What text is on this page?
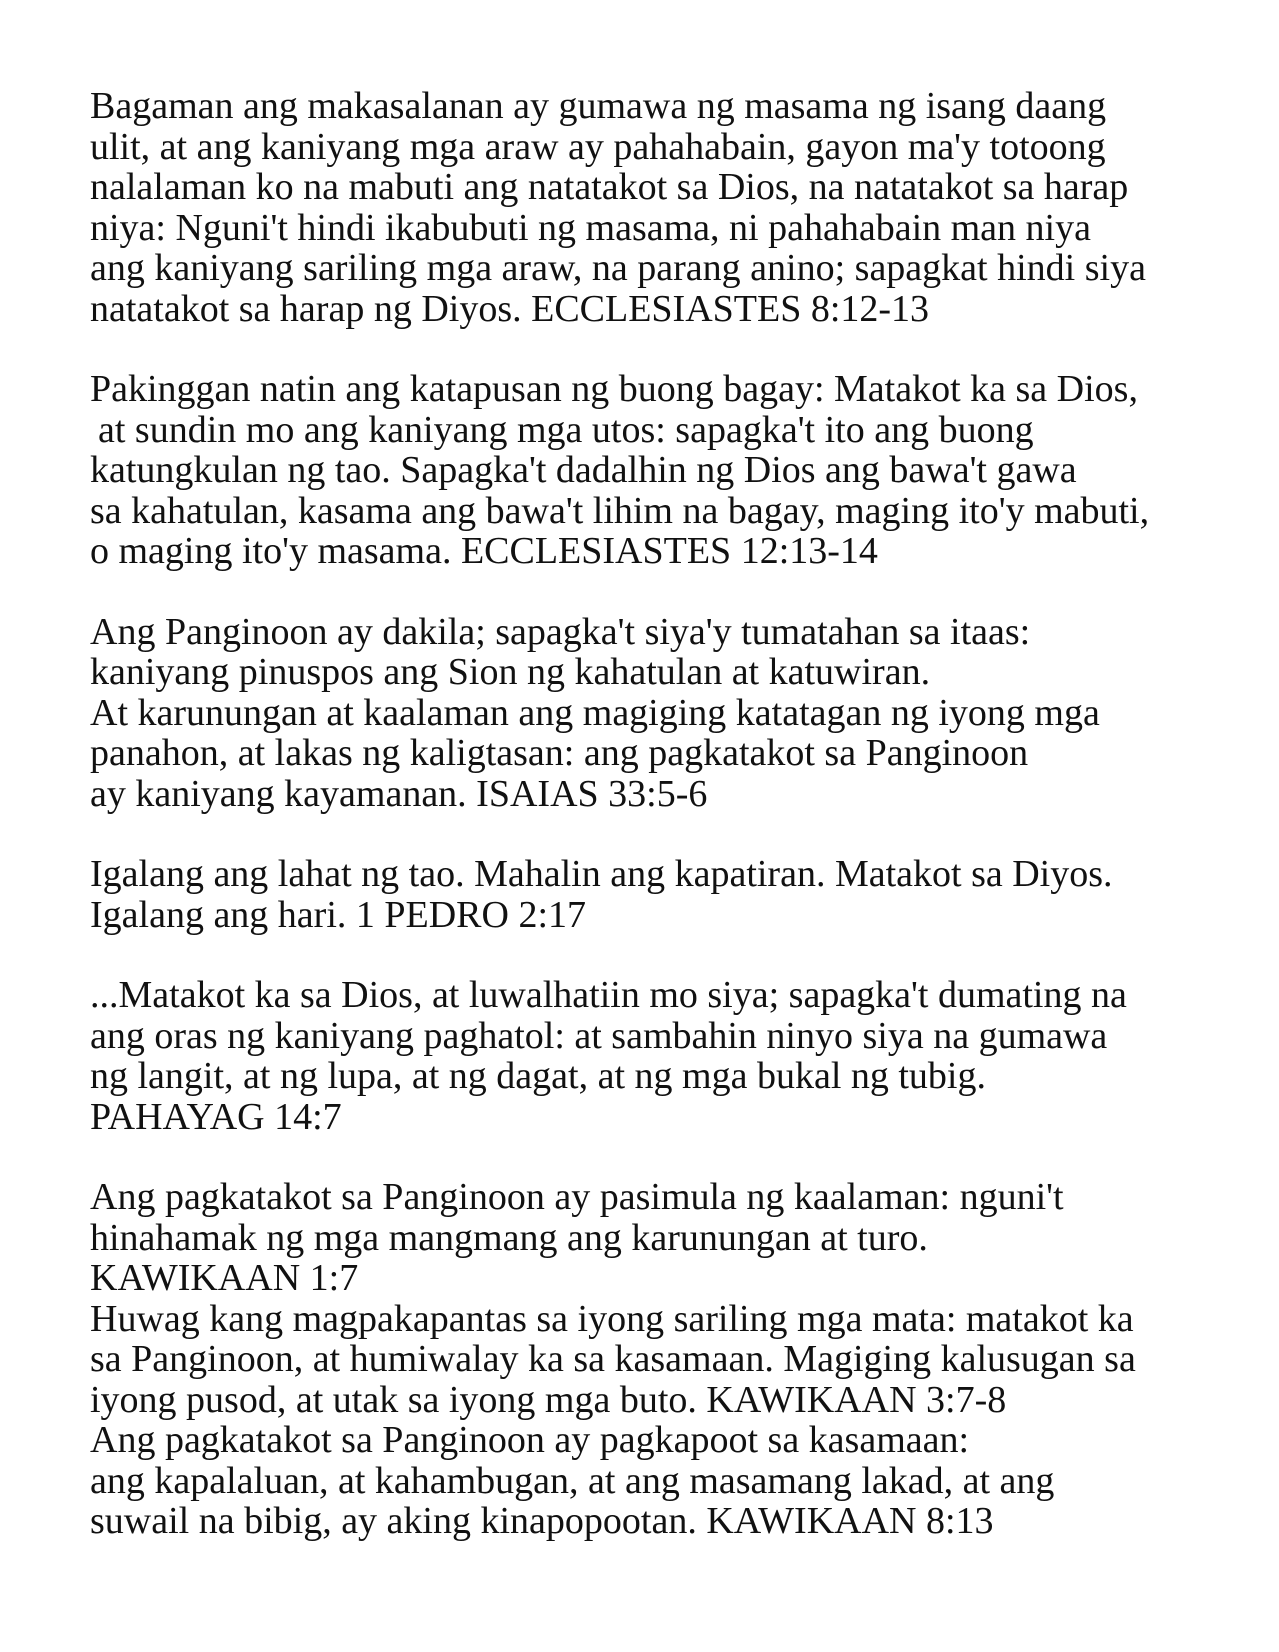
Bagaman ang makasalanan ay gumawa ng masama ng isang daang
ulit, at ang kaniyang mga araw ay pahahabain, gayon ma'y totoong
nalalaman ko na mabuti ang natatakot sa Dios, na natatakot sa harap
niya: Nguni't hindi ikabubuti ng masama, ni pahahabain man niya
ang kaniyang sariling mga araw, na parang anino; sapagkat hindi siya
natatakot sa harap ng Diyos. ECCLESIASTES 8:12-13
Pakinggan natin ang katapusan ng buong bagay: Matakot ka sa Dios,
at sundin mo ang kaniyang mga utos: sapagka't ito ang buong
katungkulan ng tao. Sapagka't dadalhin ng Dios ang bawa't gawa
sa kahatulan, kasama ang bawa't lihim na bagay, maging ito'y mabuti,
o maging ito'y masama. ECCLESIASTES 12:13-14
Ang Panginoon ay dakila; sapagka't siya'y tumatahan sa itaas:
kaniyang pinuspos ang Sion ng kahatulan at katuwiran.
At karunungan at kaalaman ang magiging katatagan ng iyong mga
panahon, at lakas ng kaligtasan: ang pagkatakot sa Panginoon
ay kaniyang kayamanan. ISAIAS 33:5-6
Igalang ang lahat ng tao. Mahalin ang kapatiran. Matakot sa Diyos.
Igalang ang hari. 1 PEDRO 2:17
...Matakot ka sa Dios, at luwalhatiin mo siya; sapagka't dumating na
ang oras ng kaniyang paghatol: at sambahin ninyo siya na gumawa
ng langit, at ng lupa, at ng dagat, at ng mga bukal ng tubig.
PAHAYAG 14:7
Ang pagkatakot sa Panginoon ay pasimula ng kaalaman: nguni't
hinahamak ng mga mangmang ang karunungan at turo.
KAWIKAAN 1:7
Huwag kang magpakapantas sa iyong sariling mga mata: matakot ka
sa Panginoon, at humiwalay ka sa kasamaan. Magiging kalusugan sa
iyong pusod, at utak sa iyong mga buto. KAWIKAAN 3:7-8
Ang pagkatakot sa Panginoon ay pagkapoot sa kasamaan:
ang kapalaluan, at kahambugan, at ang masamang lakad, at ang
suwail na bibig, ay aking kinapopootan. KAWIKAAN 8:13
